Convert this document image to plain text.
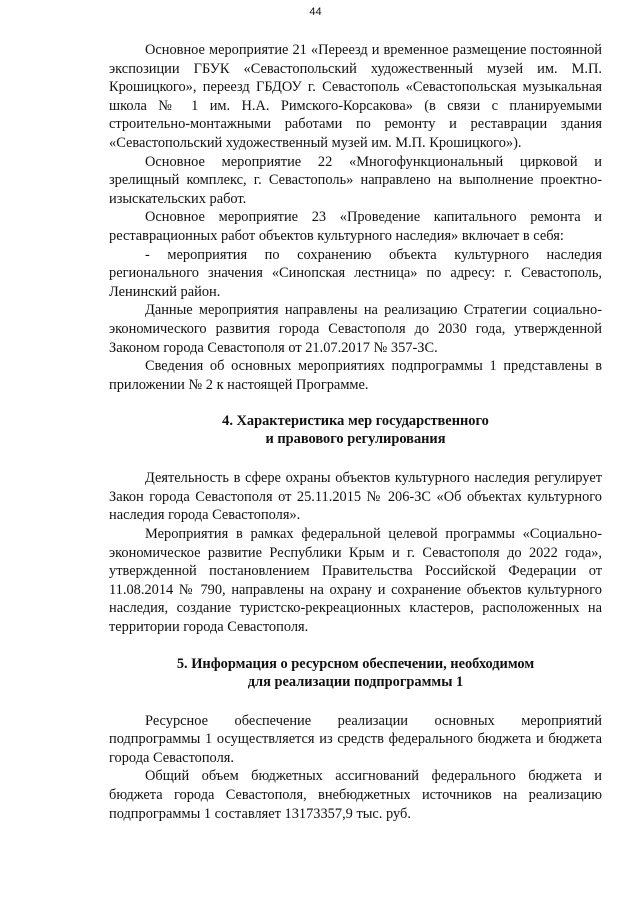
44

Основное мероприятие 21 «Переезд и временное размещение постоянной экспозиции ГБУК «Севастопольский художественный музей им. М.П. Крошицкого», переезд ГБДОУ г. Севастополь «Севастопольская музыкальная школа № 1 им. Н.А. Римского-Корсакова» (в связи с планируемыми строительно-монтажными работами по ремонту и реставрации здания «Севастопольский художественный музей им. М.П. Крошицкого»).

Основное мероприятие 22 «Многофункциональный цирковой и зрелищный комплекс, г. Севастополь» направлено на выполнение проектно-изыскательских работ.

Основное мероприятие 23 «Проведение капитального ремонта и реставрационных работ объектов культурного наследия» включает в себя:

- мероприятия по сохранению объекта культурного наследия регионального значения «Синопская лестница» по адресу: г. Севастополь, Ленинский район.

Данные мероприятия направлены на реализацию Стратегии социально-экономического развития города Севастополя до 2030 года, утвержденной Законом города Севастополя от 21.07.2017 № 357-ЗС.

Сведения об основных мероприятиях подпрограммы 1 представлены в приложении № 2 к настоящей Программе.

4. Характеристика мер государственного

и правового регулирования

Деятельность в сфере охраны объектов культурного наследия регулирует Закон города Севастополя от 25.11.2015 № 206-ЗС «Об объектах культурного наследия города Севастополя».

Мероприятия в рамках федеральной целевой программы «Социально-экономическое развитие Республики Крым и г. Севастополя до 2022 года», утвержденной постановлением Правительства Российской Федерации от 11.08.2014 № 790, направлены на охрану и сохранение объектов культурного наследия, создание туристско-рекреационных кластеров, расположенных на территории города Севастополя.

5. Информация о ресурсном обеспечении, необходимом

для реализации подпрограммы 1

Ресурсное обеспечение реализации основных мероприятий подпрограммы 1 осуществляется из средств федерального бюджета и бюджета города Севастополя.

Общий объем бюджетных ассигнований федерального бюджета и бюджета города Севастополя, внебюджетных источников на реализацию подпрограммы 1 составляет 13173357,9 тыс. руб.
